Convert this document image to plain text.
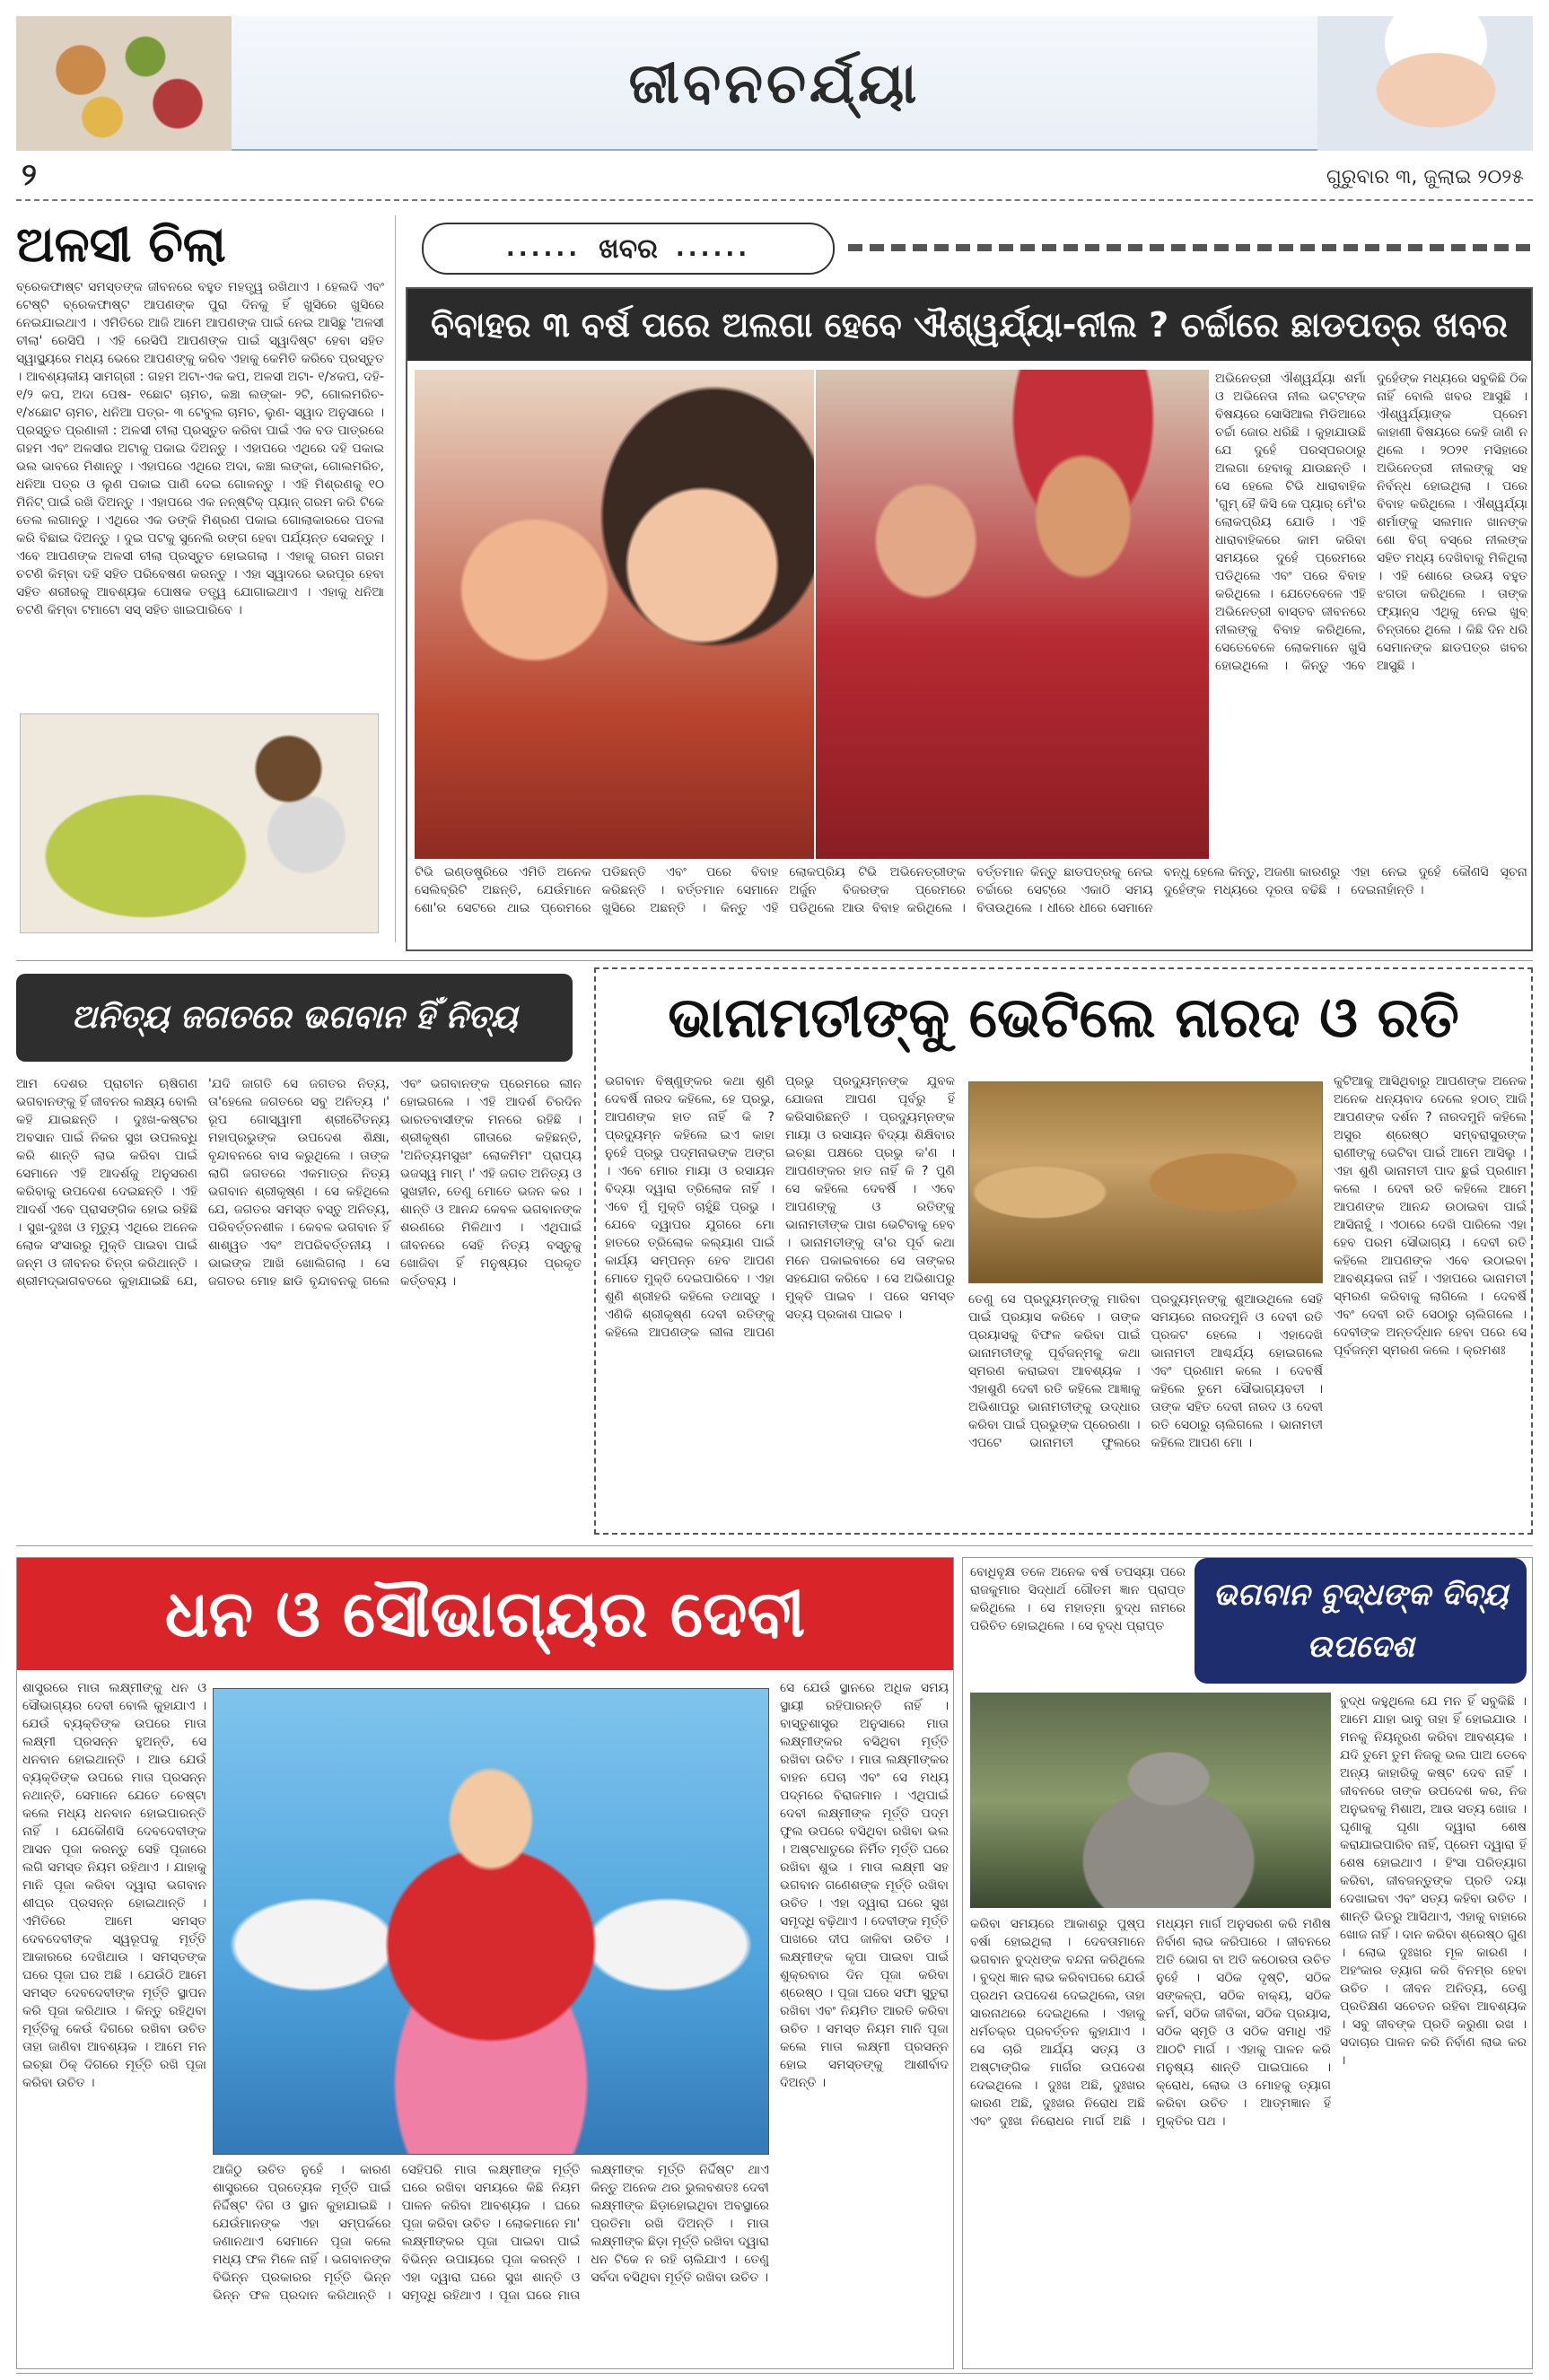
ଜୀବନଚର୍ଯ୍ୟା
୨	ଗୁରୁବାର ୩, ଜୁଲାଇ ୨୦୨୫
ଅଳସୀ ଚିଲା
ବ୍ରେକଫାଷ୍ଟ ସମସ୍ତଙ୍କ ଜୀବନରେ ବହୁତ ମହତ୍ତ୍ୱ ରଖିଥାଏ । ହେଲଦି ଏବଂ ଟେଷ୍ଟି ବ୍ରେକଫାଷ୍ଟ ଆପଣଙ୍କ ପୁରା ଦିନକୁ ହିଁ ଖୁସିରେ ଖୁସିରେ ନେଇଯାଇଥାଏ । ଏମିତିରେ ଆଜି ଆମେ ଆପଣଙ୍କ ପାଇଁ ନେଇ ଆସିଛୁ 'ଅଳସୀ ଚୀଲା' ରେସିପି । ଏହି ରେସିପି ଆପଣଙ୍କ ପାଇଁ ସ୍ୱାଦିଷ୍ଟ ହେବା ସହିତ ସ୍ୱାସ୍ଥ୍ୟରେ ମଧ୍ୟ ଭେରେ ଆପଣଙ୍କୁ କରିବ ଏହାକୁ କେମିତି କରିବେ ପ୍ରସ୍ତୁତ । ଆବଶ୍ୟକୀୟ ସାମଗ୍ରୀ : ଗହମ ଅଟା-ଏକ କପ, ଅଳସୀ ଅଟା- ୧/୪କପ, ଦହି- ୧/୨ କପ, ଅଦା ପେଷ- ୧ଛୋଟ ଚାମଚ, କଞ୍ଚା ଲଙ୍କା- ୨ଟି, ଗୋଲମରିଚ- ୧/୪ଛୋଟ ଚାମଚ, ଧନିଆ ପତ୍ର- ୩ ଟେବୁଲ ଚାମଚ, ଲୁଣ- ସ୍ୱାଦ ଅନୁସାରେ । ପ୍ରସ୍ତୁତ ପ୍ରଣାଳୀ : ଅଳସୀ ଚୀଲା ପ୍ରସ୍ତୁତ କରିବା ପାଇଁ ଏକ ବଡ ପାତ୍ରରେ ଗହମ ଏବଂ ଅଳସୀର ଅଟାକୁ ପକାଇ ଦିଅନ୍ତୁ । ଏହାପରେ ଏଥିରେ ଦହି ପକାଇ ଭଲ ଭାବରେ ମିଶାନ୍ତୁ । ଏହାପରେ ଏଥିରେ ଅଦା, କଞ୍ଚା ଲଙ୍କା, ଗୋଲମରିଚ, ଧନିଆ ପତ୍ର ଓ ଲୁଣ ପକାଇ ପାଣି ଦେଇ ଗୋଳନ୍ତୁ । ଏହି ମିଶ୍ରଣକୁ ୧୦ ମିନିଟ୍ ପାଇଁ ରଖି ଦିଅନ୍ତୁ । ଏହାପରେ ଏକ ନନ୍ଷ୍ଟିକ୍ ପ୍ୟାନ୍ ଗରମ କରି ଟିକେ ତେଲ ଲଗାନ୍ତୁ । ଏଥିରେ ଏକ ଡଙ୍କି ମିଶ୍ରଣ ପକାଇ ଗୋଲାକାରରେ ପତଳା କରି ବିଛାଇ ଦିଅନ୍ତୁ । ଦୁଇ ପଟକୁ ସୁନେଲି ରଙ୍ଗ ହେବା ପର୍ଯ୍ୟନ୍ତ ସେକନ୍ତୁ । ଏବେ ଆପଣଙ୍କ ଅଳସୀ ଚୀଲା ପ୍ରସ୍ତୁତ ହୋଇଗଲା । ଏହାକୁ ଗରମ ଗରମ ଚଟଣି କିମ୍ବା ଦହି ସହିତ ପରିବେଷଣ କରନ୍ତୁ । ଏହା ସ୍ୱାଦରେ ଭରପୂର ହେବା ସହିତ ଶରୀରକୁ ଆବଶ୍ୟକ ପୋଷକ ତତ୍ତ୍ୱ ଯୋଗାଇଥାଏ । ଏହାକୁ ଧନିଆ ଚଟଣି କିମ୍ବା ଟମାଟୋ ସସ୍ ସହିତ ଖାଇପାରିବେ ।
...... ଖବର ......
ବିବାହର ୩ ବର୍ଷ ପରେ ଅଲଗା ହେବେ ଐଶ୍ୱର୍ଯ୍ୟା-ନୀଲ ? ଚର୍ଚ୍ଚାରେ ଛାଡପତ୍ର ଖବର
ଅଭିନେତ୍ରୀ ଐଶ୍ୱର୍ଯ୍ୟା ଶର୍ମା ଓ ଅଭିନେତା ନୀଲ ଭଟ୍ଟଙ୍କ ବିଷୟରେ ସୋସିଆଲ ମିଡିଆରେ ଚର୍ଚ୍ଚା ଜୋର ଧରିଛି । କୁହାଯାଉଛି ଯେ ଦୁହେଁ ପରସ୍ପରଠାରୁ ଅଲଗା ହେବାକୁ ଯାଉଛନ୍ତି । ସେ ହେଲେ ଟିଭି ଧାରାବାହିକ 'ଗୁମ୍ ହୈ କିସି କେ ପ୍ୟାର୍ ମେଁ'ର ଲୋକପ୍ରିୟ ଯୋଡି । ଏହି ଧାରାବାହିକରେ କାମ କରିବା ସମୟରେ ଦୁହେଁ ପ୍ରେମରେ ପଡିଥିଲେ ଏବଂ ପରେ ବିବାହ କରିଥିଲେ । ଯେତେବେଳେ ଏହି ଅଭିନେତ୍ରୀ ବାସ୍ତବ ଜୀବନରେ ନୀଲଙ୍କୁ ବିବାହ କରିଥିଲେ, ସେତେବେଳେ ଲୋକମାନେ ଖୁସି ହୋଇଥିଲେ । କିନ୍ତୁ ଏବେ ଦୁହେଁଙ୍କ ମଧ୍ୟରେ ସବୁକିଛି ଠିକ ନାହିଁ ବୋଲି ଖବର ଆସୁଛି । ଐଶ୍ୱର୍ଯ୍ୟାଙ୍କ ପ୍ରେମ କାହାଣୀ ବିଷୟରେ କେହି ଜାଣି ନ ଥିଲେ । ୨୦୨୧ ମସିହାରେ ଅଭିନେତ୍ରୀ ନୀଲଙ୍କୁ ସହ ନିର୍ବନ୍ଧ ହୋଇଥିଲା । ପରେ ବିବାହ କରିଥିଲେ । ଐଶ୍ୱର୍ଯ୍ୟା ଶର୍ମାଙ୍କୁ ସଲମାନ ଖାନଙ୍କ ଶୋ ବିଗ୍ ବସ୍‌ରେ ନୀଲଙ୍କ ସହିତ ମଧ୍ୟ ଦେଖିବାକୁ ମିଳିଥିଲା । ଏହି ଶୋରେ ଉଭୟ ବହୁତ ଝଗଡା କରିଥିଲେ । ତାଙ୍କ ଫ୍ୟାନ୍ସ ଏଥିକୁ ନେଇ ଖୁବ୍ ଚିନ୍ତାରେ ଥିଲେ । କିଛି ଦିନ ଧରି ସେମାନଙ୍କ ଛାଡପତ୍ର ଖବର ଆସୁଛି ।
ଟିଭି ଇଣ୍ଡଷ୍ଟ୍ରିରେ ଏମିତି ଅନେକ ସେଲିବ୍ରିଟି ଅଛନ୍ତି, ଯେଉଁମାନେ ଶୋ'ର ସେଟରେ ଥାଇ ପ୍ରେମରେ ପଡିଛନ୍ତି ଏବଂ ପରେ ବିବାହ କରିଛନ୍ତି । ବର୍ତ୍ତମାନ ସେମାନେ ଖୁସିରେ ଅଛନ୍ତି । କିନ୍ତୁ ଏହି ଲୋକପ୍ରିୟ ଟିଭି ଅଭିନେତ୍ରୀଙ୍କ ଅର୍ଜୁନ ବିଜରଙ୍କ ପ୍ରେମରେ ପଡିଥିଲେ ଆଉ ବିବାହ କରିଥିଲେ । ବର୍ତ୍ତମାନ କିନ୍ତୁ ଛାଡପତ୍ରକୁ ନେଇ ଚର୍ଚ୍ଚାରେ ସେଟ୍ରେ ଏକାଠି ସମୟ ବିତାଉଥିଲେ । ଧୀରେ ଧୀରେ ସେମାନେ ବନ୍ଧୁ ହେଲେ କିନ୍ତୁ, ଅଜଣା କାରଣରୁ ଦୁହେଁଙ୍କ ମଧ୍ୟରେ ଦୂରତା ବଢିଛି । ଏହା ନେଇ ଦୁହେଁ କୌଣସି ସୂଚନା ଦେଇନାହାଁନ୍ତି ।
ଅନିତ୍ୟ ଜଗତରେ ଭଗବାନ ହିଁ ନିତ୍ୟ
ଆମ ଦେଶର ପ୍ରାଚୀନ ଋଷିଗଣ ଭଗବାନଙ୍କୁ ହିଁ ଜୀବନର ଲକ୍ଷ୍ୟ ବୋଲି କହି ଯାଇଛନ୍ତି । ଦୁଃଖ-କଷ୍ଟର ଅବସାନ ପାଇଁ ନିକର ସୁଖ ଉପଲବ୍ଧି କରି ଶାନ୍ତି ଲାଭ କରିବା ପାଇଁ ସେମାନେ ଏହି ଆଦର୍ଶକୁ ଅନୁସରଣ କରିବାକୁ ଉପଦେଶ ଦେଇଛନ୍ତି । ଏହି ଆଦର୍ଶ ଏବେ ପ୍ରାସଙ୍ଗିକ ହୋଇ ରହିଛି । ସୁଖ-ଦୁଃଖ ଓ ମୃତ୍ୟୁ ଏଥିରେ ଅନେକ ଲୋକ ସଂସାରରୁ ମୁକ୍ତି ପାଇବା ପାଇଁ ଜନ୍ମ ଓ ଜୀବନର ଚିନ୍ତା କରିଥାନ୍ତି । ଶ୍ରୀମଦ୍ଭାଗବତରେ କୁହାଯାଇଛି ଯେ, 'ଯଦି ଜାଗତି ସେ ଜଗତର ନିତ୍ୟ, ତା'ହେଲେ ଜଗତରେ ସବୁ ଅନିତ୍ୟ ।' ରୂପ ଗୋସ୍ୱାମୀ ଶ୍ରୀଚୈତନ୍ୟ ମହାପ୍ରଭୁଙ୍କ ଉପଦେଶ ଶିକ୍ଷା, ବୃନ୍ଦାବନରେ ବାସ କରୁଥିଲେ । ତାଙ୍କ ଲାଗି ଜଗତରେ ଏକମାତ୍ର ନିତ୍ୟ ଭଗବାନ ଶ୍ରୀକୃଷ୍ଣ । ସେ କହିଥିଲେ ଯେ, ଜଗତର ସମସ୍ତ ବସ୍ତୁ ଅନିତ୍ୟ, ପରିବର୍ତ୍ତନଶୀଳ । କେବଳ ଭଗବାନ ହିଁ ଶାଶ୍ୱତ ଏବଂ ଅପରିବର୍ତ୍ତନୀୟ । ଭାଇଙ୍କ ଆଖି ଖୋଲିଗଲା । ସେ ଜଗତର ମୋହ ଛାଡି ବୃନ୍ଦାବନକୁ ଗଲେ ଏବଂ ଭଗବାନଙ୍କ ପ୍ରେମରେ ଲୀନ ହୋଇଗଲେ । ଏହି ଆଦର୍ଶ ଚିରଦିନ ଭାରତବାସୀଙ୍କ ମନରେ ରହିଛି । ଶ୍ରୀକୃଷ୍ଣ ଗୀତାରେ କହିଛନ୍ତି, 'ଅନିତ୍ୟମସୁଖଂ ଲୋକମିମଂ ପ୍ରାପ୍ୟ ଭଜସ୍ୱ ମାମ୍ ।' ଏହି ଜଗତ ଅନିତ୍ୟ ଓ ସୁଖହୀନ, ତେଣୁ ମୋତେ ଭଜନ କର । ଶାନ୍ତି ଓ ଆନନ୍ଦ କେବଳ ଭଗବାନଙ୍କ ଶରଣରେ ମିଳିଥାଏ । ଏଥିପାଇଁ ଜୀବନରେ ସେହି ନିତ୍ୟ ବସ୍ତୁକୁ ଖୋଜିବା ହିଁ ମନୁଷ୍ୟର ପ୍ରକୃତ କର୍ତ୍ତବ୍ୟ ।
ଭାନାମତୀଙ୍କୁ ଭେଟିଲେ ନାରଦ ଓ ରତି
ଭଗବାନ ବିଷ୍ଣୁଙ୍କର କଥା ଶୁଣି ଦେବର୍ଷି ନାରଦ କହିଲେ, ହେ ପ୍ରଭୁ, ଆପଣଙ୍କ ହାତ ନାହିଁ କି ? ପ୍ରଦ୍ୟୁମ୍ନ କହିଲେ ଇଏ କାହା ନୁହେଁ ପ୍ରଭୁ ପଦ୍ମନାଭଙ୍କ ଅଙ୍ଗ । ଏବେ ମୋର ମାୟା ଓ ରସାୟନ ବିଦ୍ୟା ଦ୍ୱାରା ତ୍ରିଲୋକ ନାହିଁ । ଏବେ ମୁଁ ମୁକ୍ତି ଚାହୁଁଛି ପ୍ରଭୁ । ଯେବେ ଦ୍ୱାପର ଯୁଗରେ ମୋ ହାତରେ ତ୍ରିଲୋକ କଲ୍ୟାଣ ପାଇଁ କାର୍ଯ୍ୟ ସମ୍ପନ୍ନ ହେବ ଆପଣ ମୋତେ ମୁକ୍ତି ଦେଇପାରିବେ । ଏହା ଶୁଣି ଶ୍ରୀହରି କହିଲେ ତଥାସ୍ତୁ । ଏଣିକି ଶ୍ରୀକୃଷ୍ଣ ଦେବୀ ରତିଙ୍କୁ କହିଲେ ଆପଣଙ୍କ ଲୀଳା ଆପଣ ପ୍ରଭୁ ପ୍ରଦ୍ୟୁମ୍ନଙ୍କ ଯୁବକ ଯୋଜନା ଆପଣ ପୂର୍ବରୁ ହିଁ କରିସାରିଛନ୍ତି । ପ୍ରଦ୍ୟୁମ୍ନଙ୍କ ମାୟା ଓ ରସାୟନ ବିଦ୍ୟା ଶିକ୍ଷିବାର ଇଚ୍ଛା ପକ୍ଷରେ ପ୍ରଭୁ କ'ଣ । ଆପଣଙ୍କର ହାତ ନାହିଁ କି ? ପୁଣି ସେ କହିଲେ ଦେବର୍ଷି । ଏବେ ଆପଣଙ୍କୁ ଓ ରତିଙ୍କୁ ଭାନାମତୀଙ୍କ ପାଖ ଭେଟିବାକୁ ହେବ । ଭାନାମତୀଙ୍କୁ ତା'ର ପୂର୍ବ କଥା ମନେ ପକାଇବାରେ ସେ ତାଙ୍କର ସହଯୋଗ କରିବେ । ସେ ଅଭିଶାପରୁ ମୁକ୍ତି ପାଇବ । ପରେ ସମସ୍ତ ସତ୍ୟ ପ୍ରକାଶ ପାଇବ ।
ତେଣୁ ସେ ପ୍ରଦ୍ୟୁମ୍ନଙ୍କୁ ମାରିବା ପାଇଁ ପ୍ରୟାସ କରିବେ । ତାଙ୍କ ପ୍ରୟାସକୁ ବିଫଳ କରିବା ପାଇଁ ଭାନାମତୀଙ୍କୁ ପୂର୍ବଜନ୍ମକୁ କଥା ସ୍ମରଣ କରାଇବା ଆବଶ୍ୟକ । ଏହାଶୁଣି ଦେବୀ ରତି କହିଲେ ଆଜ୍ଞାକୁ ଅଭିଶାପରୁ ଭାନାମତୀଙ୍କୁ ଉଦ୍ଧାର କରିବା ପାଇଁ ପ୍ରଭୁଙ୍କ ପ୍ରେରଣା । ଏପଟେ ଭାନାମତୀ ଫୁଲରେ ପ୍ରଦ୍ୟୁମ୍ନଙ୍କୁ ଶୁଆଉଥିଲେ ସେହି ସମୟରେ ନାରଦମୁନି ଓ ଦେବୀ ରତି ପ୍ରକଟ ହେଲେ । ଏହାଦେଖି ଭାନାମତୀ ଆଶ୍ଚର୍ଯ୍ୟ ହୋଇଗଲେ ଏବଂ ପ୍ରଣାମ କଲେ । ଦେବର୍ଷି କହିଲେ ତୁମେ ସୌଭାଗ୍ୟବତୀ । ତାଙ୍କ ସହିତ ଦେବୀ ନାରଦ ଓ ଦେବୀ ରତି ସେଠାରୁ ଚାଲିଗଲେ । ଭାନାମତୀ କହିଲେ ଆପଣ ମୋ ।
କୁଟିଆକୁ ଆସିଥିବାରୁ ଆପଣଙ୍କ ଅନେକ ଅନେକ ଧନ୍ୟବାଦ ଦେଲେ ହଠାତ୍ ଆଜି ଆପଣଙ୍କ ଦର୍ଶନ ? ନାରଦମୁନି କହିଲେ ଅସୁର ଶ୍ରେଷ୍ଠ ସମ୍ବରାସୁରଙ୍କ ରାଣୀଙ୍କୁ ଭେଟିବା ପାଇଁ ଆମେ ଆସିଲୁ । ଏହା ଶୁଣି ଭାନାମତୀ ପାଦ ଛୁଇଁ ପ୍ରଣାମ କଲେ । ଦେବୀ ରତି କହିଲେ ଆମେ ଆପଣଙ୍କ ଆନନ୍ଦ ଉଠାଇବା ପାଇଁ ଆସିନାହୁଁ । ଏଠାରେ ଦେଖି ପାରିଲେ ଏହା ହେବ ପରମ ସୌଭାଗ୍ୟ । ଦେବୀ ରତି କହିଲେ ଆପଣଙ୍କ ଏବେ ଉଠାଇବା ଆବଶ୍ୟକତା ନାହିଁ । ଏହାପରେ ଭାନାମତୀ ସ୍ମରଣ କରିବାକୁ ଲାଗିଲେ । ଦେବର୍ଷି ଏବଂ ଦେବୀ ରତି ସେଠାରୁ ଚାଲିଗଲେ । ଦେବୀଙ୍କ ଅନ୍ତର୍ଦ୍ଧାନ ହେବା ପରେ ସେ ପୂର୍ବଜନ୍ମ ସ୍ମରଣ କଲେ । କ୍ରମଶଃ
ଧନ ଓ ସୌଭାଗ୍ୟର ଦେବୀ
ଶାସ୍ତ୍ରରେ ମାତା ଲକ୍ଷ୍ମୀଙ୍କୁ ଧନ ଓ ସୌଭାଗ୍ୟର ଦେବୀ ବୋଲି କୁହାଯାଏ । ଯେଉଁ ବ୍ୟକ୍ତିଙ୍କ ଉପରେ ମାତା ଲକ୍ଷ୍ମୀ ପ୍ରସନ୍ନ ହୁଅନ୍ତି, ସେ ଧନବାନ ହୋଇଥାନ୍ତି । ଆଉ ଯେଉଁ ବ୍ୟକ୍ତିଙ୍କ ଉପରେ ମାତା ପ୍ରସନ୍ନ ନଥାନ୍ତି, ସେମାନେ ଯେତେ ଚେଷ୍ଟା କଲେ ମଧ୍ୟ ଧନବାନ ହୋଇପାରନ୍ତି ନାହିଁ । ଯେକୌଣସି ଦେବଦେବୀଙ୍କ ଆସନ ପୂଜା କରନ୍ତୁ ସେହି ପୂଜାରେ ଲଗି ସମସ୍ତ ନିୟମ ରହିଥାଏ । ଯାହାକୁ ମାନି ପୂଜା କରିବା ଦ୍ୱାରା ଭଗବାନ ଶୀଘ୍ର ପ୍ରସନ୍ନ ହୋଇଥାନ୍ତି । ଏମିତିରେ ଆମେ ସମସ୍ତ ଦେବଦେବୀଙ୍କ ସ୍ୱରୂପକୁ ମୂର୍ତ୍ତି ଆକାରରେ ଦେଖିଥାଉ । ସମସ୍ତଙ୍କ ଘରେ ପୂଜା ଘର ଅଛି । ଯେଉଁଠି ଆମେ ସମସ୍ତ ଦେବଦେବୀଙ୍କ ମୂର୍ତ୍ତି ସ୍ଥାପନ କରି ପୂଜା କରିଥାଉ । କିନ୍ତୁ ରହିଥିବା ମୂର୍ତ୍ତିକୁ କେଉଁ ଦିଗରେ ରଖିବା ଉଚିତ ତାହା ଜାଣିବା ଆବଶ୍ୟକ । ଆମେ ମନ ଇଚ୍ଛା ଠିକ୍ ଦିଗରେ ମୂର୍ତ୍ତି ରଖି ପୂଜା କରିବା ଉଚିତ ।
ଆଜିଠୁ ଉଚିତ ନୁହେଁ । କାରଣ ଶାସ୍ତ୍ରରେ ପ୍ରତ୍ୟେକ ମୂର୍ତ୍ତି ପାଇଁ ନିର୍ଦ୍ଦିଷ୍ଟ ଦିଗ ଓ ସ୍ଥାନ କୁହାଯାଇଛି । ଯେଉଁମାନଙ୍କ ଏହା ସମ୍ପର୍କରେ ଜଣାନଥାଏ ସେମାନେ ପୂଜା କଲେ ମଧ୍ୟ ଫଳ ମିଳେ ନାହିଁ । ଭଗବାନଙ୍କ ବିଭିନ୍ନ ପ୍ରକାରର ମୂର୍ତ୍ତି ଭିନ୍ନ ଭିନ୍ନ ଫଳ ପ୍ରଦାନ କରିଥାନ୍ତି । ସେହିପରି ମାତା ଲକ୍ଷ୍ମୀଙ୍କ ମୂର୍ତ୍ତି ଘରେ ରଖିବା ସମୟରେ କିଛି ନିୟମ ପାଳନ କରିବା ଆବଶ୍ୟକ । ଘରେ ପୂଜା କରିବା ଉଚିତ । ଲୋକମାନେ ମା' ଲକ୍ଷ୍ମୀଙ୍କର ପୂଜା ପାଇବା ପାଇଁ ବିଭିନ୍ନ ଉପାୟରେ ପୂଜା କରନ୍ତି । ଏହା ଦ୍ୱାରା ଘରେ ସୁଖ ଶାନ୍ତି ଓ ସମୃଦ୍ଧି ରହିଥାଏ । ପୂଜା ଘରେ ମାତା ଲକ୍ଷ୍ମୀଙ୍କ ମୂର୍ତ୍ତି ନିର୍ଦ୍ଦିଷ୍ଟ ଥାଏ କିନ୍ତୁ ଅନେକ ଥର ଭୁଲବଶତଃ ଦେବୀ ଲକ୍ଷ୍ମୀଙ୍କ ଛିଡ଼ାହୋଇଥିବା ଅବସ୍ଥାରେ ପ୍ରତିମା ରଖି ଦିଅନ୍ତି । ମାତା ଲକ୍ଷ୍ମୀଙ୍କ ଛିଡ଼ା ମୂର୍ତ୍ତି ରଖିବା ଦ୍ୱାରା ଧନ ଟିକେ ନ ରହି ଚାଲିଯାଏ । ତେଣୁ ସର୍ବଦା ବସିଥିବା ମୂର୍ତ୍ତି ରଖିବା ଉଚିତ ।
ସେ ଯେଉଁ ସ୍ଥାନରେ ଅଧିକ ସମୟ ସ୍ଥାୟୀ ରହିପାରନ୍ତି ନାହିଁ । ବାସ୍ତୁଶାସ୍ତ୍ର ଅନୁସାରେ ମାତା ଲକ୍ଷ୍ମୀଙ୍କର ବସିଥିବା ମୂର୍ତ୍ତି ରଖିବା ଉଚିତ । ମାତା ଲକ୍ଷ୍ମୀଙ୍କର ବାହନ ପେଚା ଏବଂ ସେ ମଧ୍ୟ ପଦ୍ମରେ ବିରାଜମାନ । ଏଥିପାଇଁ ଦେବୀ ଲକ୍ଷ୍ମୀଙ୍କ ମୂର୍ତ୍ତି ପଦ୍ମ ଫୁଲ ଉପରେ ବସିଥିବା ରଖିବା ଭଲ । ଅଷ୍ଟଧାତୁରେ ନିର୍ମିତ ମୂର୍ତ୍ତି ଘରେ ରଖିବା ଶୁଭ । ମାତା ଲକ୍ଷ୍ମୀ ସହ ଭଗବାନ ଗଣେଶଙ୍କ ମୂର୍ତ୍ତି ରଖିବା ଉଚିତ । ଏହା ଦ୍ୱାରା ଘରେ ସୁଖ ସମୃଦ୍ଧି ବଢ଼ିଥାଏ । ଦେବୀଙ୍କ ମୂର୍ତ୍ତି ପାଖରେ ଦୀପ ଜାଳିବା ଉଚିତ । ଲକ୍ଷ୍ମୀଙ୍କ କୃପା ପାଇବା ପାଇଁ ଶୁକ୍ରବାର ଦିନ ପୂଜା କରିବା ଶ୍ରେଷ୍ଠ । ପୂଜା ଘରେ ସଫା ସୁତୁରା ରଖିବା ଏବଂ ନିୟମିତ ଆରତି କରିବା ଉଚିତ । ସମସ୍ତ ନିୟମ ମାନି ପୂଜା କଲେ ମାତା ଲକ୍ଷ୍ମୀ ପ୍ରସନ୍ନ ହୋଇ ସମସ୍ତଙ୍କୁ ଆଶୀର୍ବାଦ ଦିଅନ୍ତି ।
ବୋଧିବୃକ୍ଷ ତଳେ ଅନେକ ବର୍ଷ ତପସ୍ୟା ପରେ ରାଜକୁମାର ସିଦ୍ଧାର୍ଥ ଗୌତମ ଜ୍ଞାନ ପ୍ରାପ୍ତ କରିଥିଲେ । ସେ ମହାତ୍ମା ବୁଦ୍ଧ ନାମରେ ପରିଚିତ ହୋଇଥିଲେ । ସେ ବୃଦ୍ଧ ପ୍ରାପ୍ତ
ଭଗବାନ ବୁଦ୍ଧଙ୍କ ଦିବ୍ୟ ଉପଦେଶ
ବୁଦ୍ଧ କହୁଥିଲେ ଯେ ମନ ହିଁ ସବୁକିଛି । ଆମେ ଯାହା ଭାବୁ ତାହା ହିଁ ହୋଇଯାଉ । ମନକୁ ନିୟନ୍ତ୍ରଣ କରିବା ଆବଶ୍ୟକ । ଯଦି ତୁମେ ତୁମ ନିଜକୁ ଭଲ ପାଅ ତେବେ ଅନ୍ୟ କାହାରିକୁ କଷ୍ଟ ଦେବ ନାହିଁ । ଜୀବନରେ ତାଙ୍କ ଉପଦେଶ କର, ନିଜ ଅନୁଭବକୁ ମିଶାଅ, ଆଉ ସତ୍ୟ ଖୋଜ । ଘୃଣାକୁ ଘୃଣା ଦ୍ୱାରା ଶେଷ କରାଯାଇପାରିବ ନାହିଁ, ପ୍ରେମ ଦ୍ୱାରା ହିଁ ଶେଷ ହୋଇଥାଏ । ହିଂସା ପରିତ୍ୟାଗ କରିବା, ଜୀବଜନ୍ତୁଙ୍କ ପ୍ରତି ଦୟା ଦେଖାଇବା ଏବଂ ସତ୍ୟ କହିବା ଉଚିତ । ଶାନ୍ତି ଭିତରୁ ଆସିଥାଏ, ଏହାକୁ ବାହାରେ ଖୋଜ ନାହିଁ । ଦାନ କରିବା ଶ୍ରେଷ୍ଠ ଗୁଣ । ଲୋଭ ଦୁଃଖର ମୂଳ କାରଣ । ଅହଂକାର ତ୍ୟାଗ କରି ବିନମ୍ର ହେବା ଉଚିତ । ଜୀବନ ଅନିତ୍ୟ, ତେଣୁ ପ୍ରତିକ୍ଷଣ ସଚେତନ ରହିବା ଆବଶ୍ୟକ । ସବୁ ଜୀବଙ୍କ ପ୍ରତି କରୁଣା ରଖ । ସଦାଚାର ପାଳନ କରି ନିର୍ବାଣ ଲାଭ କର ।
କରିବା ସମୟରେ ଆକାଶରୁ ପୁଷ୍ପ ବର୍ଷା ହୋଇଥିଲା । ଦେବତାମାନେ ଭଗବାନ ବୁଦ୍ଧଙ୍କ ବନ୍ଦନା କରିଥିଲେ । ବୁଦ୍ଧ ଜ୍ଞାନ ଲାଭ କରିବାପରେ ଯେଉଁ ପ୍ରଥମ ଉପଦେଶ ଦେଇଥିଲେ, ତାହା ସାରନାଥରେ ଦେଇଥିଲେ । ଏହାକୁ ଧର୍ମଚକ୍ର ପ୍ରବର୍ତ୍ତନ କୁହାଯାଏ । ସେ ଚାରି ଆର୍ଯ୍ୟ ସତ୍ୟ ଓ ଅଷ୍ଟାଙ୍ଗିକ ମାର୍ଗର ଉପଦେଶ ଦେଇଥିଲେ । ଦୁଃଖ ଅଛି, ଦୁଃଖର କାରଣ ଅଛି, ଦୁଃଖର ନିରୋଧ ଅଛି ଏବଂ ଦୁଃଖ ନିରୋଧର ମାର୍ଗ ଅଛି । ମଧ୍ୟମ ମାର୍ଗ ଅନୁସରଣ କରି ମଣିଷ ନିର୍ବାଣ ଲାଭ କରିପାରେ । ଜୀବନରେ ଅତି ଭୋଗ ବା ଅତି କଠୋରତା ଉଚିତ ନୁହେଁ । ସଠିକ ଦୃଷ୍ଟି, ସଠିକ ସଙ୍କଳ୍ପ, ସଠିକ ବାକ୍ୟ, ସଠିକ କର୍ମ, ସଠିକ ଜୀବିକା, ସଠିକ ପ୍ରୟାସ, ସଠିକ ସ୍ମୃତି ଓ ସଠିକ ସମାଧି ଏହି ଆଠଟି ମାର୍ଗ । ଏହାକୁ ପାଳନ କରି ମନୁଷ୍ୟ ଶାନ୍ତି ପାଇପାରେ । କ୍ରୋଧ, ଲୋଭ ଓ ମୋହକୁ ତ୍ୟାଗ କରିବା ଉଚିତ । ଆତ୍ମଜ୍ଞାନ ହିଁ ମୁକ୍ତିର ପଥ ।
